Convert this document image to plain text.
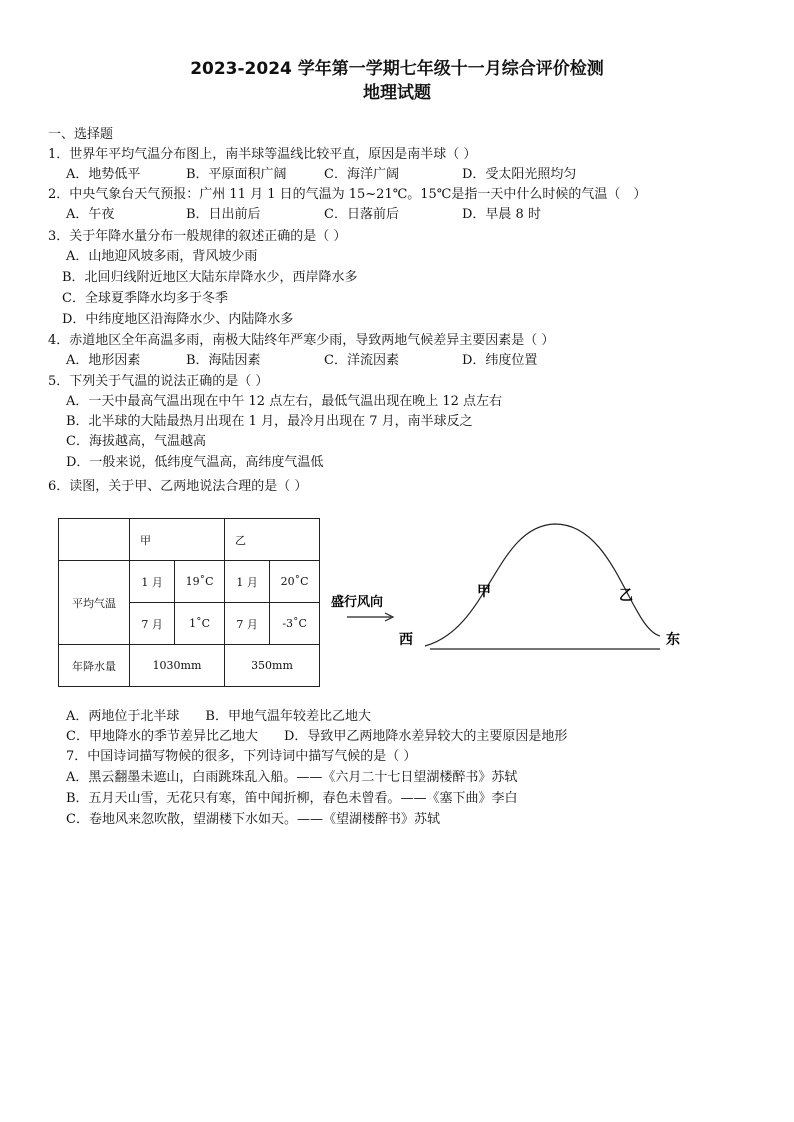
2023-2024 学年第一学期七年级十一月综合评价检测
地理试题
一、选择题
1．世界年平均气温分布图上，南半球等温线比较平直，原因是南半球（ ）
A．地势低平	B．平原面积广阔	C．海洋广阔	D．受太阳光照均匀
2．中央气象台天气预报：广州 11 月 1 日的气温为 15~21℃。15℃是指一天中什么时候的气温（　）
A．午夜	B．日出前后	C．日落前后	D．早晨 8 时
3．关于年降水量分布一般规律的叙述正确的是（ ）
A．山地迎风坡多雨，背风坡少雨
B．北回归线附近地区大陆东岸降水少，西岸降水多
C．全球夏季降水均多于冬季
D．中纬度地区沿海降水少、内陆降水多
4．赤道地区全年高温多雨，南极大陆终年严寒少雨，导致两地气候差异主要因素是（ ）
A．地形因素	B．海陆因素	C．洋流因素	D．纬度位置
5．下列关于气温的说法正确的是（ ）
A．一天中最高气温出现在中午 12 点左右，最低气温出现在晚上 12 点左右
B．北半球的大陆最热月出现在 1 月，最冷月出现在 7 月，南半球反之
C．海拔越高，气温越高
D．一般来说，低纬度气温高，高纬度气温低
6．读图，关于甲、乙两地说法合理的是（ ）
	甲		乙	
平均气温	1 月	19˚C	1 月	20˚C
	7 月	1˚C	7 月	-3˚C
年降水量	1030mm		350mm	
盛行风向
西	东
甲	乙
A．两地位于北半球　　B．甲地气温年较差比乙地大
C．甲地降水的季节差异比乙地大　　D．导致甲乙两地降水差异较大的主要原因是地形
7．中国诗词描写物候的很多，下列诗词中描写气候的是（ ）
A．黑云翻墨未遮山，白雨跳珠乱入船。——《六月二十七日望湖楼醉书》苏轼
B．五月天山雪，无花只有寒，笛中闻折柳，春色未曾看。——《塞下曲》李白
C．卷地风来忽吹散，望湖楼下水如天。——《望湖楼醉书》苏轼
